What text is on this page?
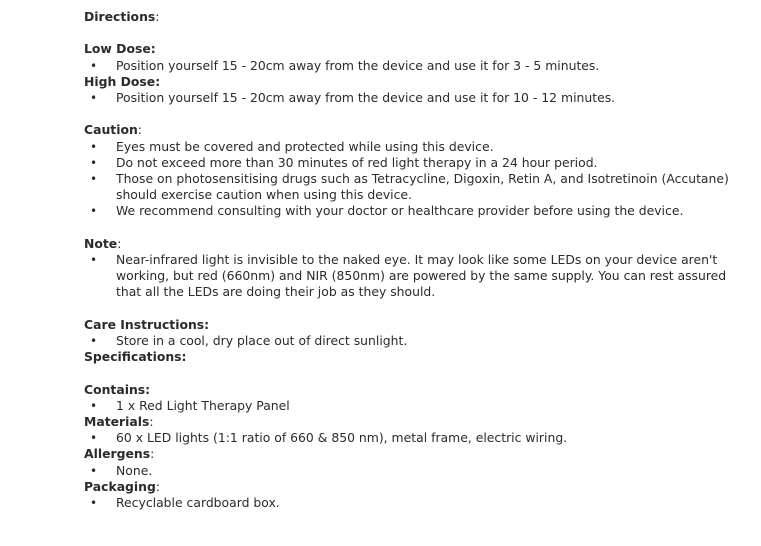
Directions:

Low Dose:

• Position yourself 15 - 20cm away from the device and use it for 3 - 5 minutes.

High Dose:

• Position yourself 15 - 20cm away from the device and use it for 10 - 12 minutes.

Caution:

• Eyes must be covered and protected while using this device.
• Do not exceed more than 30 minutes of red light therapy in a 24 hour period.
• Those on photosensitising drugs such as Tetracycline, Digoxin, Retin A, and Isotretinoin (Accutane) should exercise caution when using this device.
• We recommend consulting with your doctor or healthcare provider before using the device.

Note:

• Near-infrared light is invisible to the naked eye. It may look like some LEDs on your device aren't working, but red (660nm) and NIR (850nm) are powered by the same supply. You can rest assured that all the LEDs are doing their job as they should.

Care Instructions:

• Store in a cool, dry place out of direct sunlight.

Specifications:

Contains:

• 1 x Red Light Therapy Panel

Materials:

• 60 x LED lights (1:1 ratio of 660 & 850 nm), metal frame, electric wiring.

Allergens:

• None.

Packaging:

• Recyclable cardboard box.
